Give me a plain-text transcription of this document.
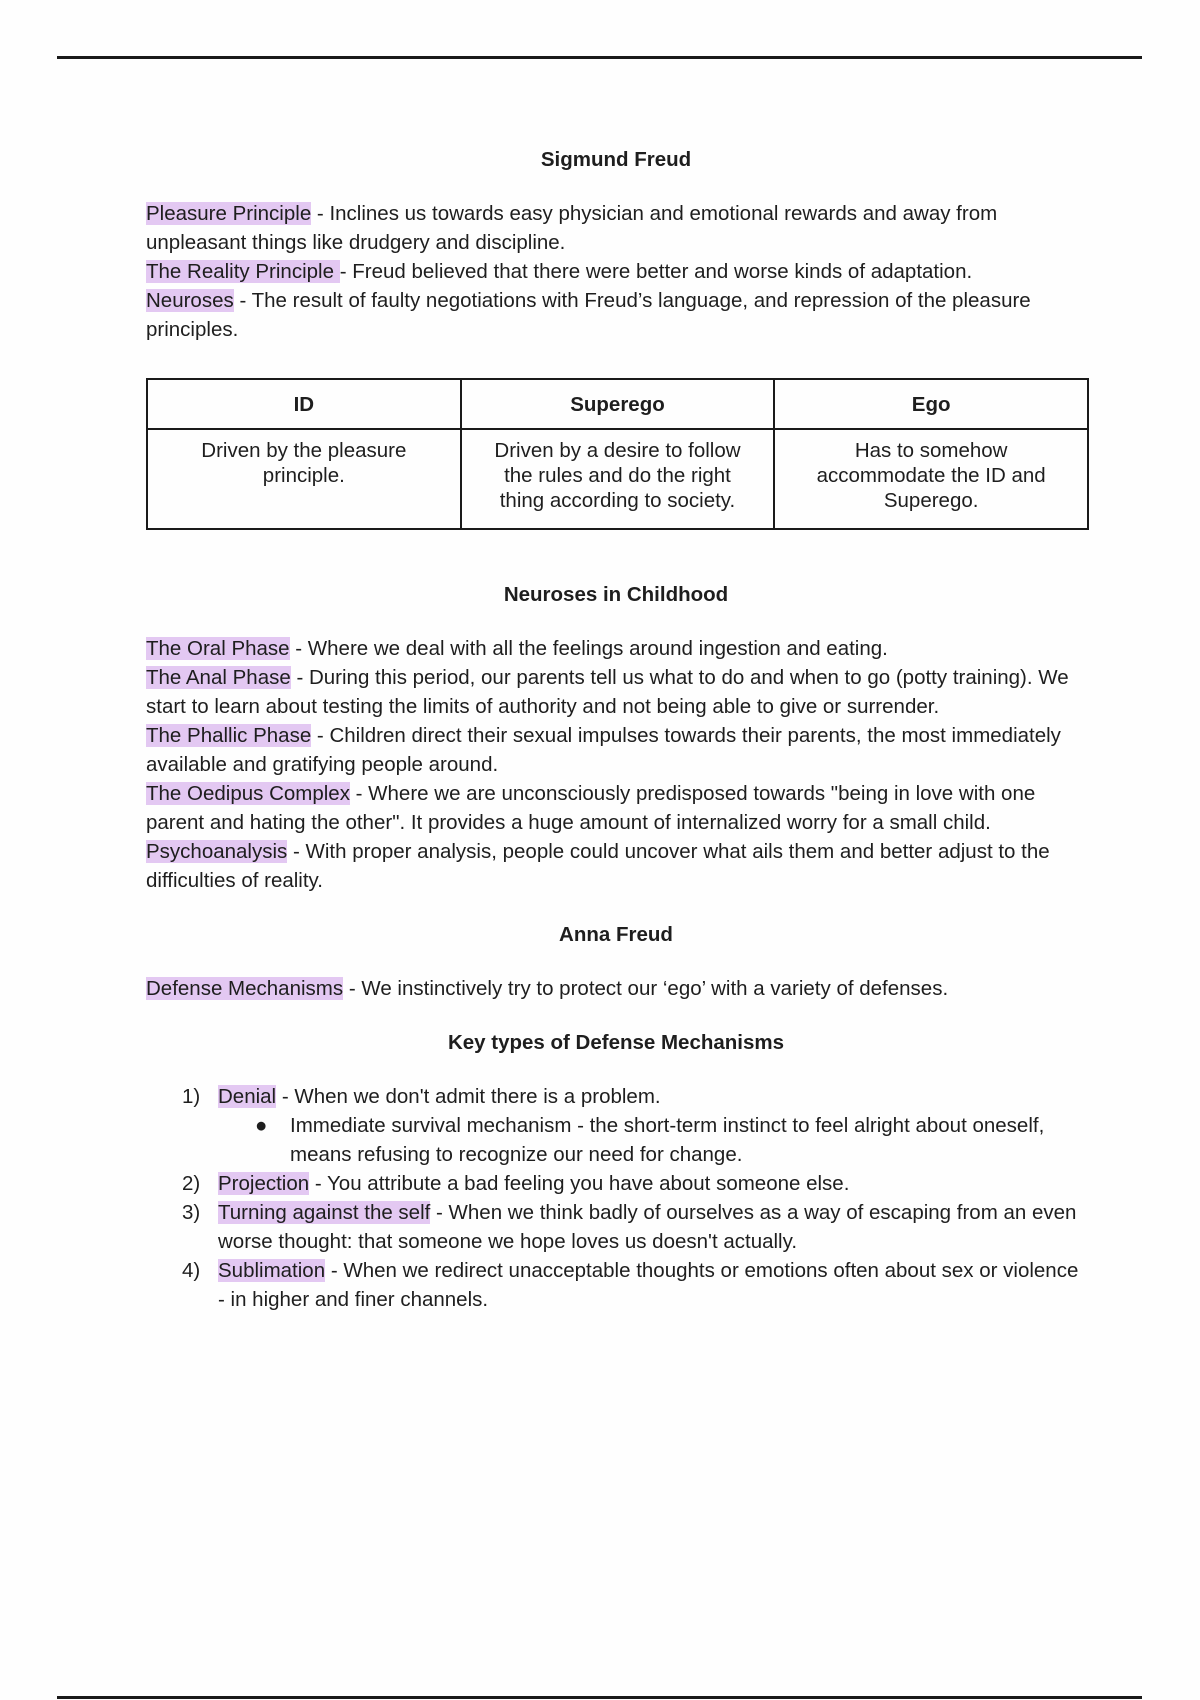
Sigmund Freud

Pleasure Principle - Inclines us towards easy physician and emotional rewards and away from unpleasant things like drudgery and discipline.

The Reality Principle - Freud believed that there were better and worse kinds of adaptation.

Neuroses - The result of faulty negotiations with Freud’s language, and repression of the pleasure principles.

ID	Superego	Ego
Driven by the pleasure principle.	Driven by a desire to follow the rules and do the right thing according to society.	Has to somehow accommodate the ID and Superego.
Neuroses in Childhood

The Oral Phase - Where we deal with all the feelings around ingestion and eating.

The Anal Phase - During this period, our parents tell us what to do and when to go (potty training). We start to learn about testing the limits of authority and not being able to give or surrender.

The Phallic Phase - Children direct their sexual impulses towards their parents, the most immediately available and gratifying people around.

The Oedipus Complex - Where we are unconsciously predisposed towards "being in love with one parent and hating the other". It provides a huge amount of internalized worry for a small child.

Psychoanalysis - With proper analysis, people could uncover what ails them and better adjust to the difficulties of reality.

Anna Freud

Defense Mechanisms - We instinctively try to protect our ‘ego’ with a variety of defenses.

Key types of Defense Mechanisms
1) Denial - When we don't admit there is a problem.
● Immediate survival mechanism - the short-term instinct to feel alright about oneself, means refusing to recognize our need for change.
2) Projection - You attribute a bad feeling you have about someone else.
3) Turning against the self - When we think badly of ourselves as a way of escaping from an even worse thought: that someone we hope loves us doesn't actually.
4) Sublimation - When we redirect unacceptable thoughts or emotions often about sex or violence - in higher and finer channels.
